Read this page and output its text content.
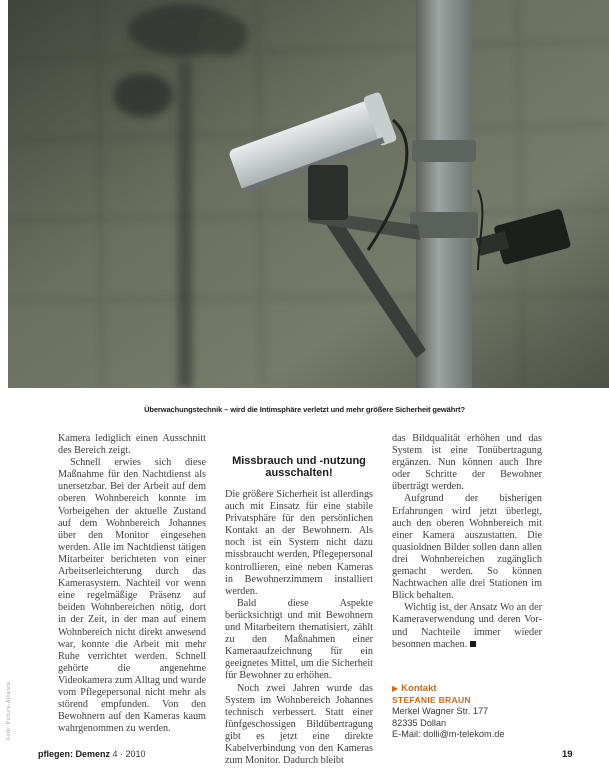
Überwachungstechnik – wird die Intimsphäre verletzt und mehr größere Sicherheit gewährt?

Kamera lediglich einen Ausschnitt des Bereich zeigt.

Schnell erwies sich diese Maßnahme für den Nachtdienst als unersetzbar. Bei der Arbeit auf dem oberen Wohnbereich konnte im Vorbeigehen der aktuelle Zustand auf dem Wohnbereich Johannes über den Monitor eingesehen werden. Alle im Nachtdienst tätigen Mitarbeiter berichteten von einer Arbeitserleichterung durch das Kamerasystem. Nachteil vor wenn eine regelmäßige Präsenz auf beiden Wohnbereichen nötig, dort in der Zeit, in der man auf einem Wohnbereich nicht direkt anwesend war, konnte die Arbeit mit mehr Ruhe verrichtet werden. Schnell gehörte die angenehme Videokamera zum Alltag und wurde vom Pflegepersonal nicht mehr als störend empfunden. Von den Bewohnern auf den Kameras kaum wahrgenommen zu werden.

Missbrauch und -nutzung ausschalten!

Die größere Sicherheit ist allerdings auch mit Einsatz für eine stabile Privatsphäre für den persönlichen Kontakt an der Bewohnern. Als noch ist ein System nicht dazu missbraucht werden, Pflegepersonal kontrollieren, eine neben Kameras in Bewohnerzimmern installiert werden.

Bald diese Aspekte berücksichtigt und mit Bewohnern und Mitarbeitern thematisiert, zählt zu den Maßnahmen einer Kameraaufzeichnung für ein geeignetes Mittel, um die Sicherheit für Bewohner zu erhöhen.

Noch zwei Jahren wurde das System im Wohnbereich Johannes technisch verbessert. Statt einer fünfgeschossigen Bildübertragung gibt es jetzt eine direkte Kabelverbindung von den Kameras zum Monitor. Dadurch bleibt

das Bildqualität erhöhen und das System ist eine Tonübertragung ergänzen. Nun können auch Ihre oder Schritte der Bewohner überträgt werden.

Aufgrund der bisherigen Erfahrungen wird jetzt überlegt, auch den oberen Wohnbereich mit einer Kamera auszustatten. Die quasioldnen Bilder sollen dann allen drei Wohnbereichen zugänglich gemacht werden. So können Nachtwachen alle drei Stationen im Blick behalten.

Wichtig ist, der Ansatz Wo an der Kameraverwendung und deren Vor- und Nachteile immer wieder besonnen machen.

▶ Kontakt
STEFANIE BRAUN
Merkel Wagner Str. 177
82335 Dollan
E-Mail: dolli@m-telekom.de
Foto: Picture-Alliance
pflegen: Demenz 4 · 2010	19
